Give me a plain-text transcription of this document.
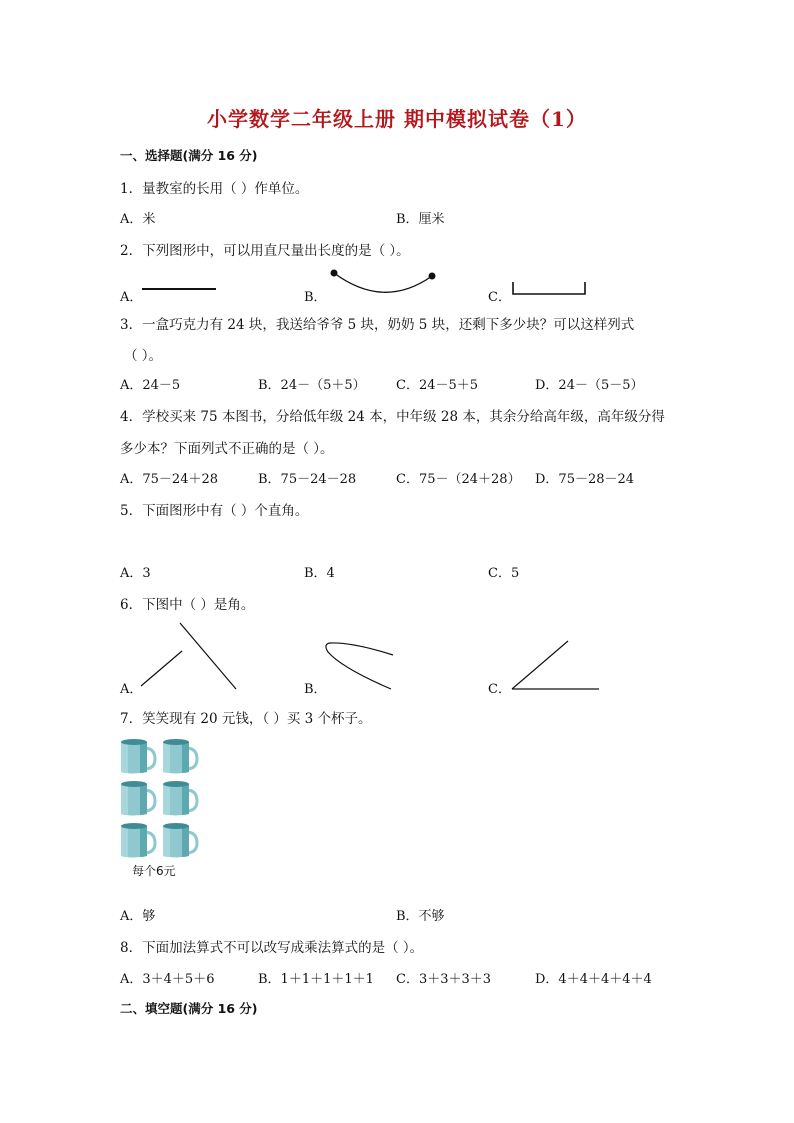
小学数学二年级上册 期中模拟试卷（1）
一、选择题(满分 16 分)
1．量教室的长用（ ）作单位。
A．米	B．厘米
2．下列图形中，可以用直尺量出长度的是（ ）。
A．	B．	C．
3．一盒巧克力有 24 块，我送给爷爷 5 块，奶奶 5 块，还剩下多少块？可以这样列式
（ ）。
A．24－5	B．24－（5＋5） C．24－5＋5	D．24－（5－5）
4．学校买来 75 本图书，分给低年级 24 本，中年级 28 本，其余分给高年级，高年级分得
多少本？下面列式不正确的是（ ）。
A．75－24＋28	B．75－24－28	C．75－（24＋28） D．75－28－24
5．下面图形中有（ ）个直角。
A．3	B．4	C．5
6．下图中（ ）是角。
A．	B．	C．
7．笑笑现有 20 元钱，（ ）买 3 个杯子。
每个6元
A．够	B．不够
8．下面加法算式不可以改写成乘法算式的是（ ）。
A．3＋4＋5＋6	B．1＋1＋1＋1＋1 C．3＋3＋3＋3	D．4＋4＋4＋4＋4
二、填空题(满分 16 分)
